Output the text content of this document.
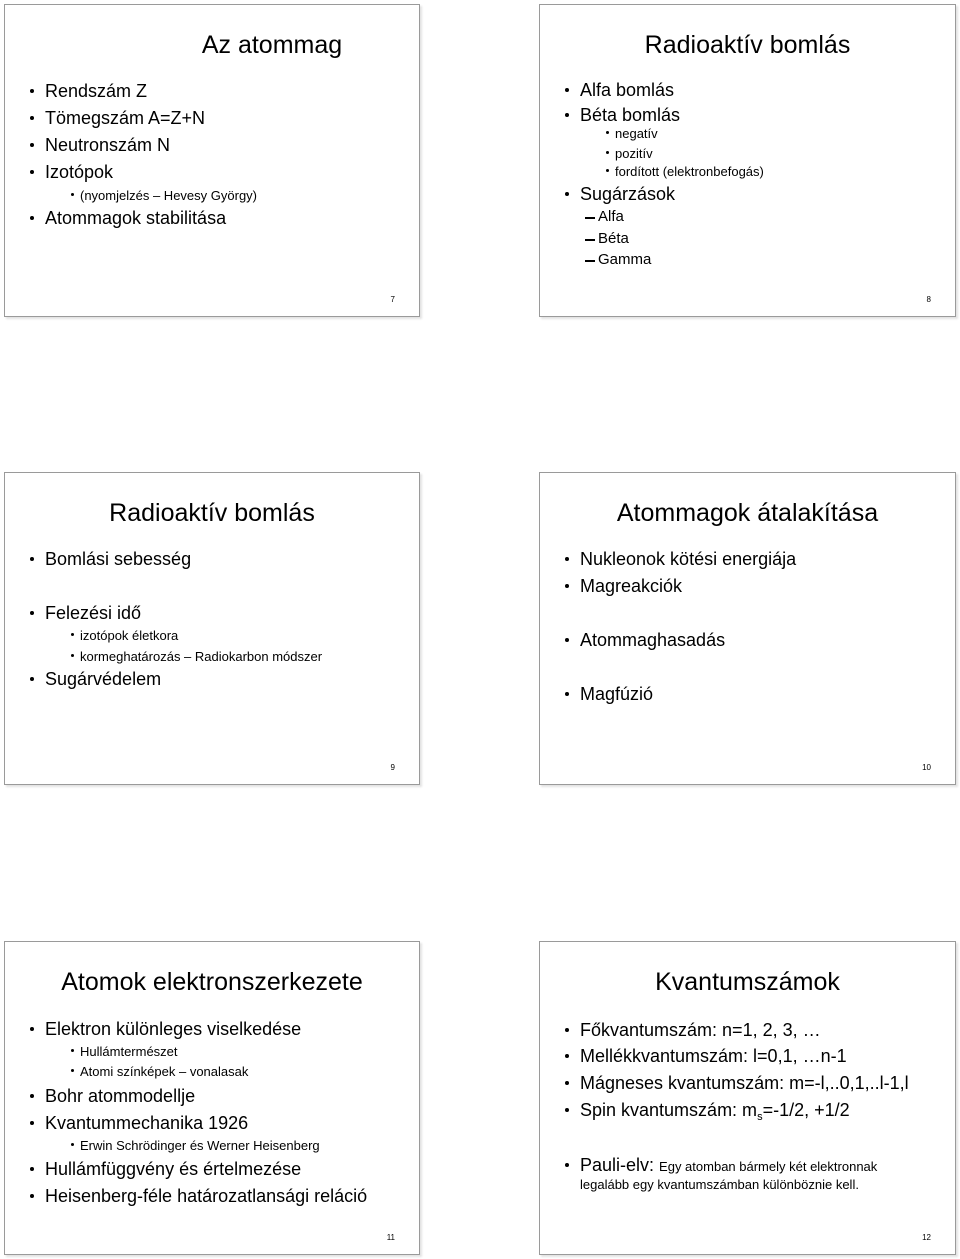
Az atommag
Rendszám Z
Tömegszám A=Z+N
Neutronszám N
Izotópok
(nyomjelzés – Hevesy György)
Atommagok stabilitása
7
Radioaktív bomlás
Alfa bomlás
Béta bomlás
negatív
pozitív
fordított (elektronbefogás)
Sugárzások
Alfa
Béta
Gamma
8
Radioaktív bomlás
Bomlási sebesség
Felezési idő
izotópok életkora
kormeghatározás – Radiokarbon módszer
Sugárvédelem
9
Atommagok átalakítása
Nukleonok kötési energiája
Magreakciók
Atommaghasadás
Magfúzió
10
Atomok elektronszerkezete
Elektron különleges viselkedése
Hullámtermészet
Atomi színképek – vonalasak
Bohr atommodellje
Kvantummechanika 1926
Erwin Schrödinger és Werner Heisenberg
Hullámfüggvény és értelmezése
Heisenberg-féle határozatlansági reláció
11
Kvantumszámok
Főkvantumszám: n=1, 2, 3, …
Mellékkvantumszám: l=0,1, …n-1
Mágneses kvantumszám: m=-l,..0,1,..l-1,l
Spin kvantumszám: $m_s=-1/2$, +1/2
Pauli-elv: Egy atomban bármely két elektronnak
legalább egy kvantumszámban különböznie kell.
12
